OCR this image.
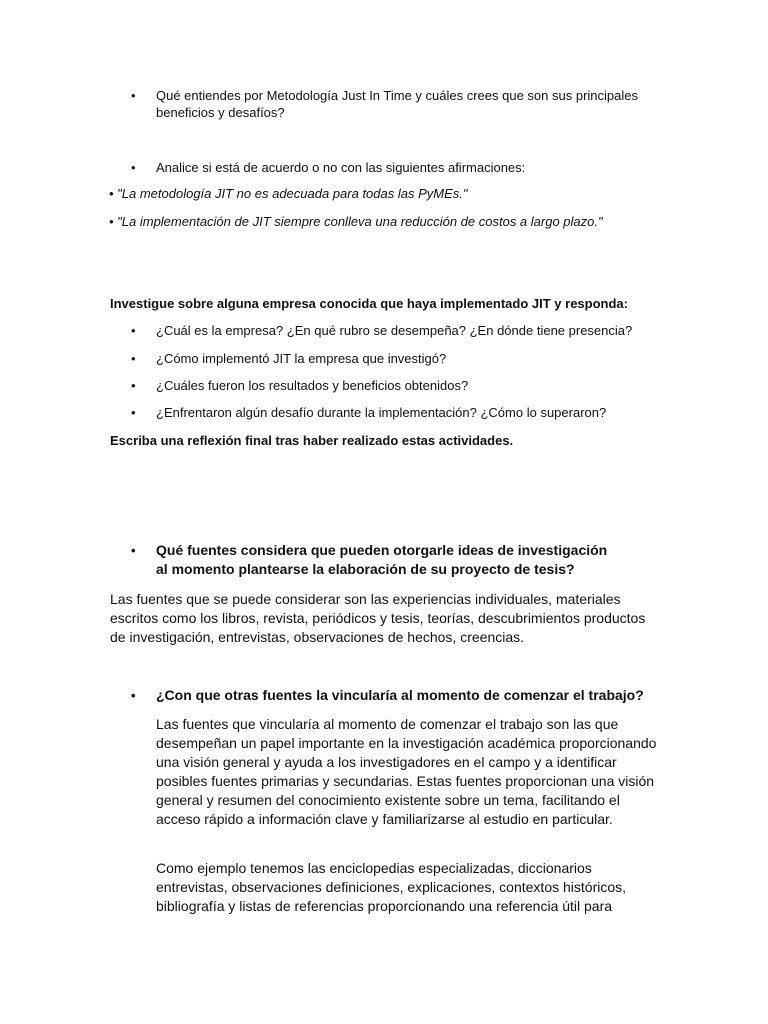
• Qué entiendes por Metodología Just In Time y cuáles crees que son sus principales beneficios y desafíos?
• Analice si está de acuerdo o no con las siguientes afirmaciones:
• "La metodología JIT no es adecuada para todas las PyMEs."
• "La implementación de JIT siempre conlleva una reducción de costos a largo plazo."
Investigue sobre alguna empresa conocida que haya implementado JIT y responda:
• ¿Cuál es la empresa? ¿En qué rubro se desempeña? ¿En dónde tiene presencia?
• ¿Cómo implementó JIT la empresa que investigó?
• ¿Cuáles fueron los resultados y beneficios obtenidos?
• ¿Enfrentaron algún desafío durante la implementación? ¿Cómo lo superaron?
Escriba una reflexión final tras haber realizado estas actividades.
• Qué fuentes considera que pueden otorgarle ideas de investigación al momento plantearse la elaboración de su proyecto de tesis?
Las fuentes que se puede considerar son las experiencias individuales, materiales escritos como los libros, revista, periódicos y tesis, teorías, descubrimientos productos de investigación, entrevistas, observaciones de hechos, creencias.
• ¿Con que otras fuentes la vincularía al momento de comenzar el trabajo?
Las fuentes que vincularía al momento de comenzar el trabajo son las que desempeñan un papel importante en la investigación académica proporcionando una visión general y ayuda a los investigadores en el campo y a identificar posibles fuentes primarias y secundarias. Estas fuentes proporcionan una visión general y resumen del conocimiento existente sobre un tema, facilitando el acceso rápido a información clave y familiarizarse al estudio en particular.
Como ejemplo tenemos las enciclopedias especializadas, diccionarios entrevistas, observaciones definiciones, explicaciones, contextos históricos, bibliografía y listas de referencias proporcionando una referencia útil para
